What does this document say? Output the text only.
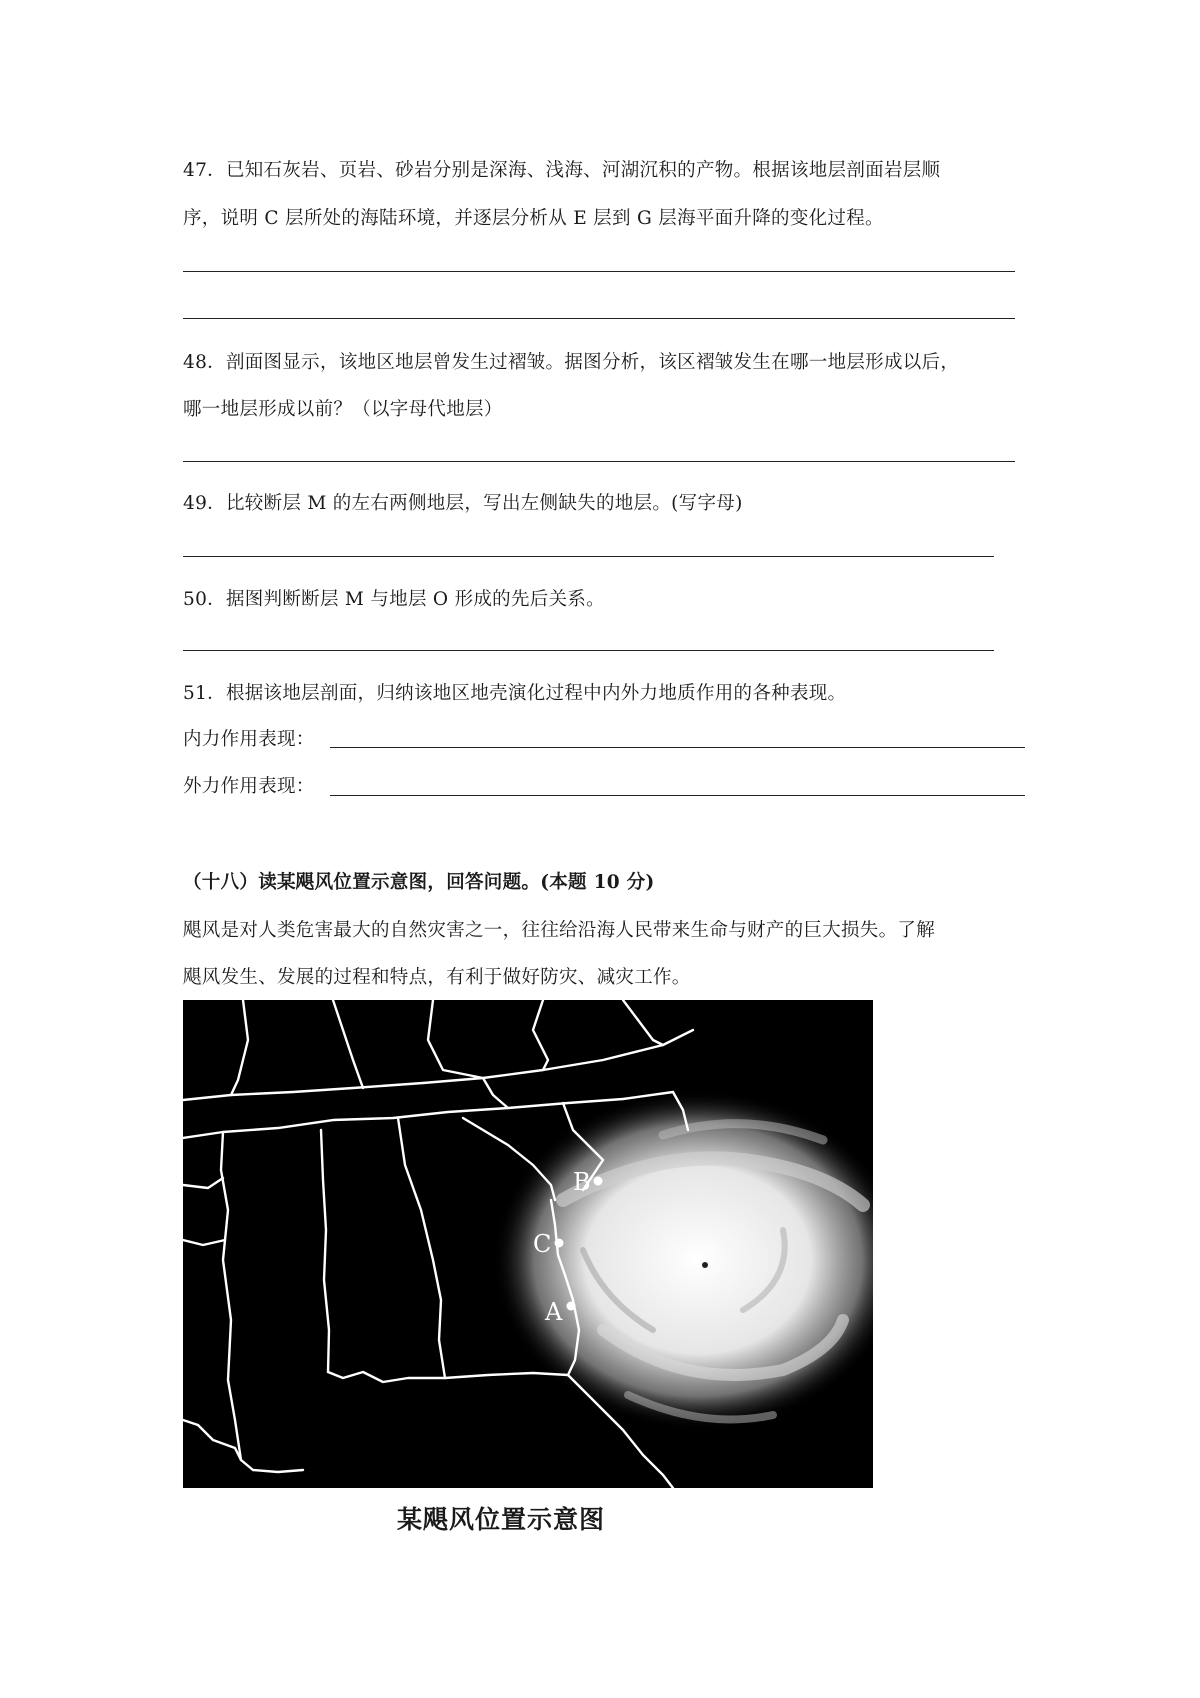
47．已知石灰岩、页岩、砂岩分别是深海、浅海、河湖沉积的产物。根据该地层剖面岩层顺
序，说明 C 层所处的海陆环境，并逐层分析从 E 层到 G 层海平面升降的变化过程。
48．剖面图显示，该地区地层曾发生过褶皱。据图分析，该区褶皱发生在哪一地层形成以后，
哪一地层形成以前？（以字母代地层）
49．比较断层 M 的左右两侧地层，写出左侧缺失的地层。(写字母)
50．据图判断断层 M 与地层 O 形成的先后关系。
51．根据该地层剖面，归纳该地区地壳演化过程中内外力地质作用的各种表现。
内力作用表现：
外力作用表现：
（十八）读某飓风位置示意图，回答问题。(本题 10 分)
飓风是对人类危害最大的自然灾害之一，往往给沿海人民带来生命与财产的巨大损失。了解
飓风发生、发展的过程和特点，有利于做好防灾、减灾工作。
B
C
A
某飓风位置示意图
